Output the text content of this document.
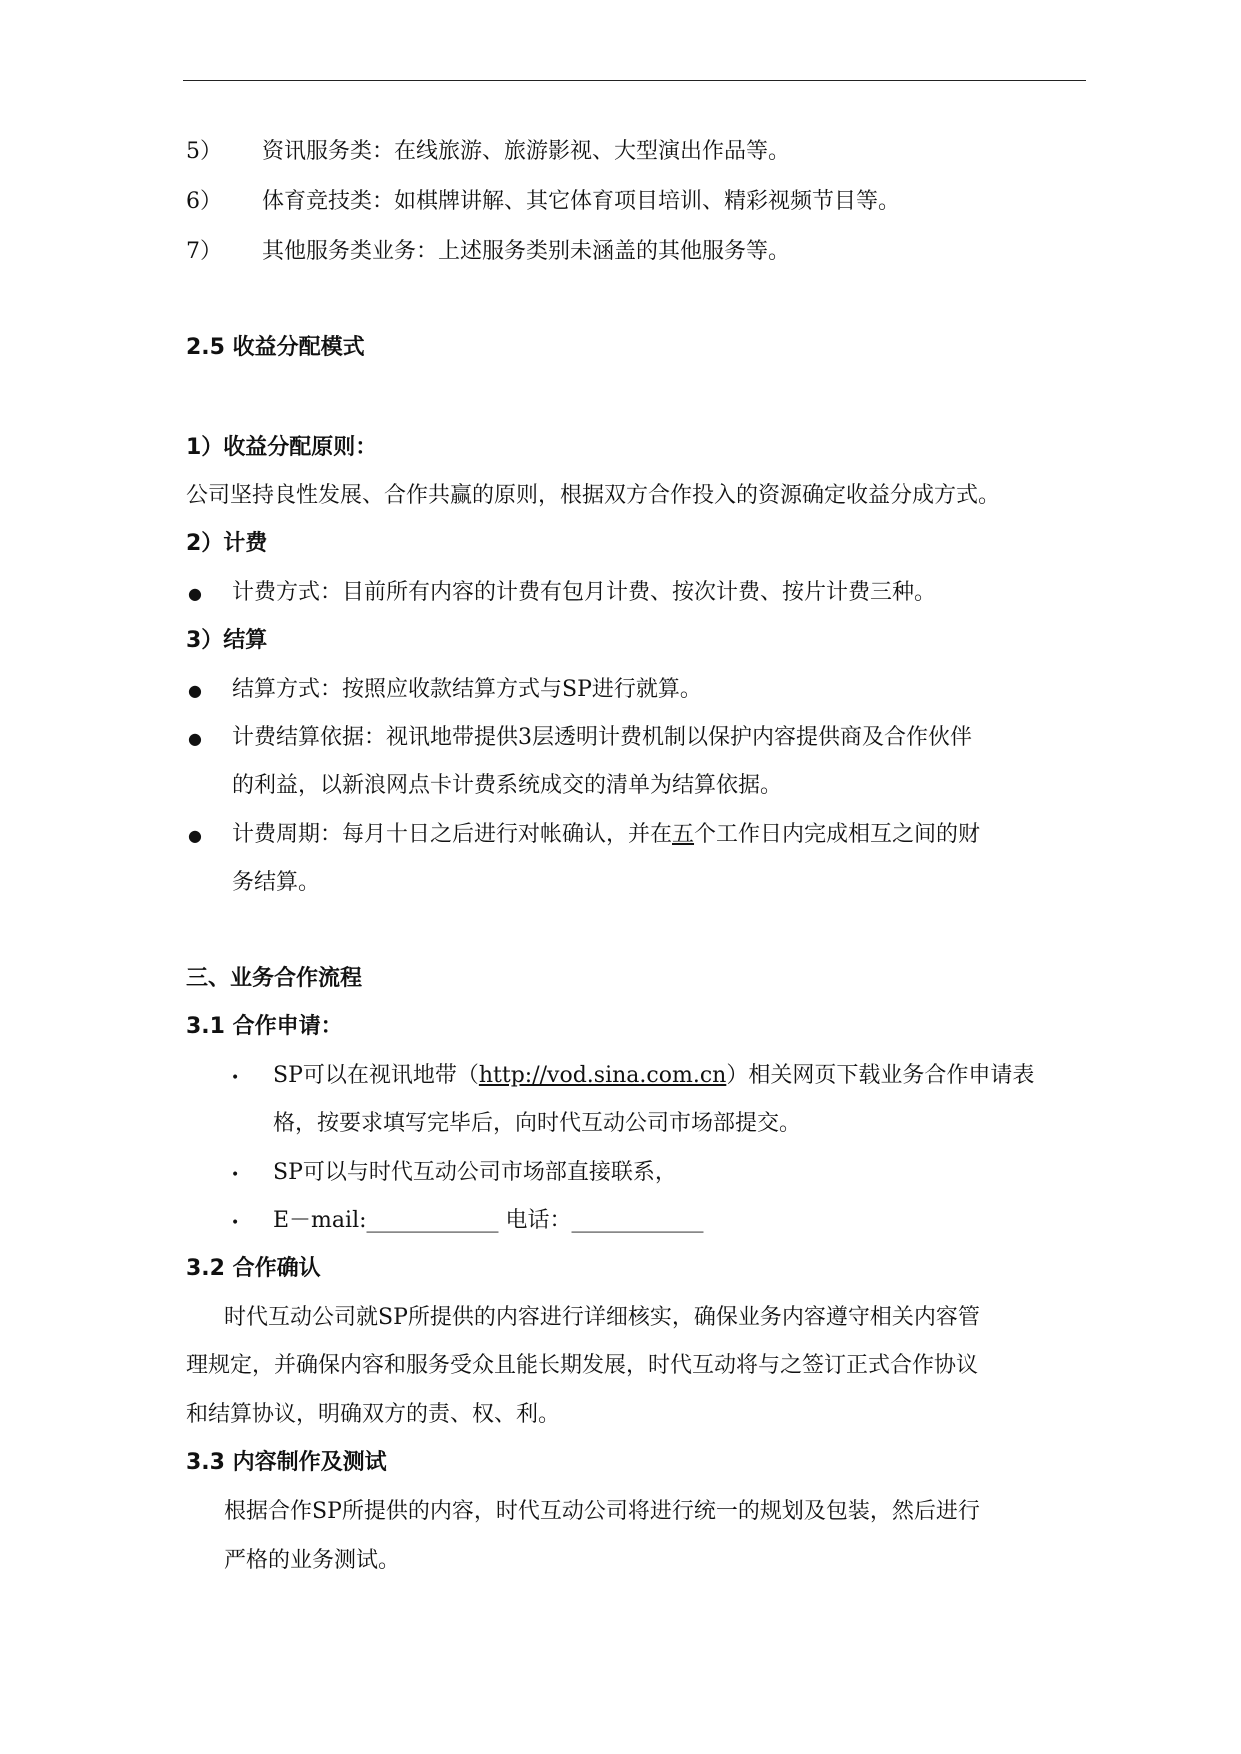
5） 资讯服务类：在线旅游、旅游影视、大型演出作品等。
6） 体育竞技类：如棋牌讲解、其它体育项目培训、精彩视频节目等。
7） 其他服务类业务：上述服务类别未涵盖的其他服务等。
2.5 收益分配模式
1）收益分配原则：
公司坚持良性发展、合作共赢的原则，根据双方合作投入的资源确定收益分成方式。
2）计费
● 计费方式：目前所有内容的计费有包月计费、按次计费、按片计费三种。
3）结算
● 结算方式：按照应收款结算方式与SP进行就算。
● 计费结算依据：视讯地带提供3层透明计费机制以保护内容提供商及合作伙伴
的利益，以新浪网点卡计费系统成交的清单为结算依据。
● 计费周期：每月十日之后进行对帐确认，并在五个工作日内完成相互之间的财
务结算。
三、业务合作流程
3.1 合作申请：
• SP可以在视讯地带（http://vod.sina.com.cn）相关网页下载业务合作申请表
格，按要求填写完毕后，向时代互动公司市场部提交。
• SP可以与时代互动公司市场部直接联系，
• E－mail:____________ 电话：____________
3.2 合作确认
时代互动公司就SP所提供的内容进行详细核实，确保业务内容遵守相关内容管
理规定，并确保内容和服务受众且能长期发展，时代互动将与之签订正式合作协议
和结算协议，明确双方的责、权、利。
3.3 内容制作及测试
根据合作SP所提供的内容，时代互动公司将进行统一的规划及包装，然后进行
严格的业务测试。
